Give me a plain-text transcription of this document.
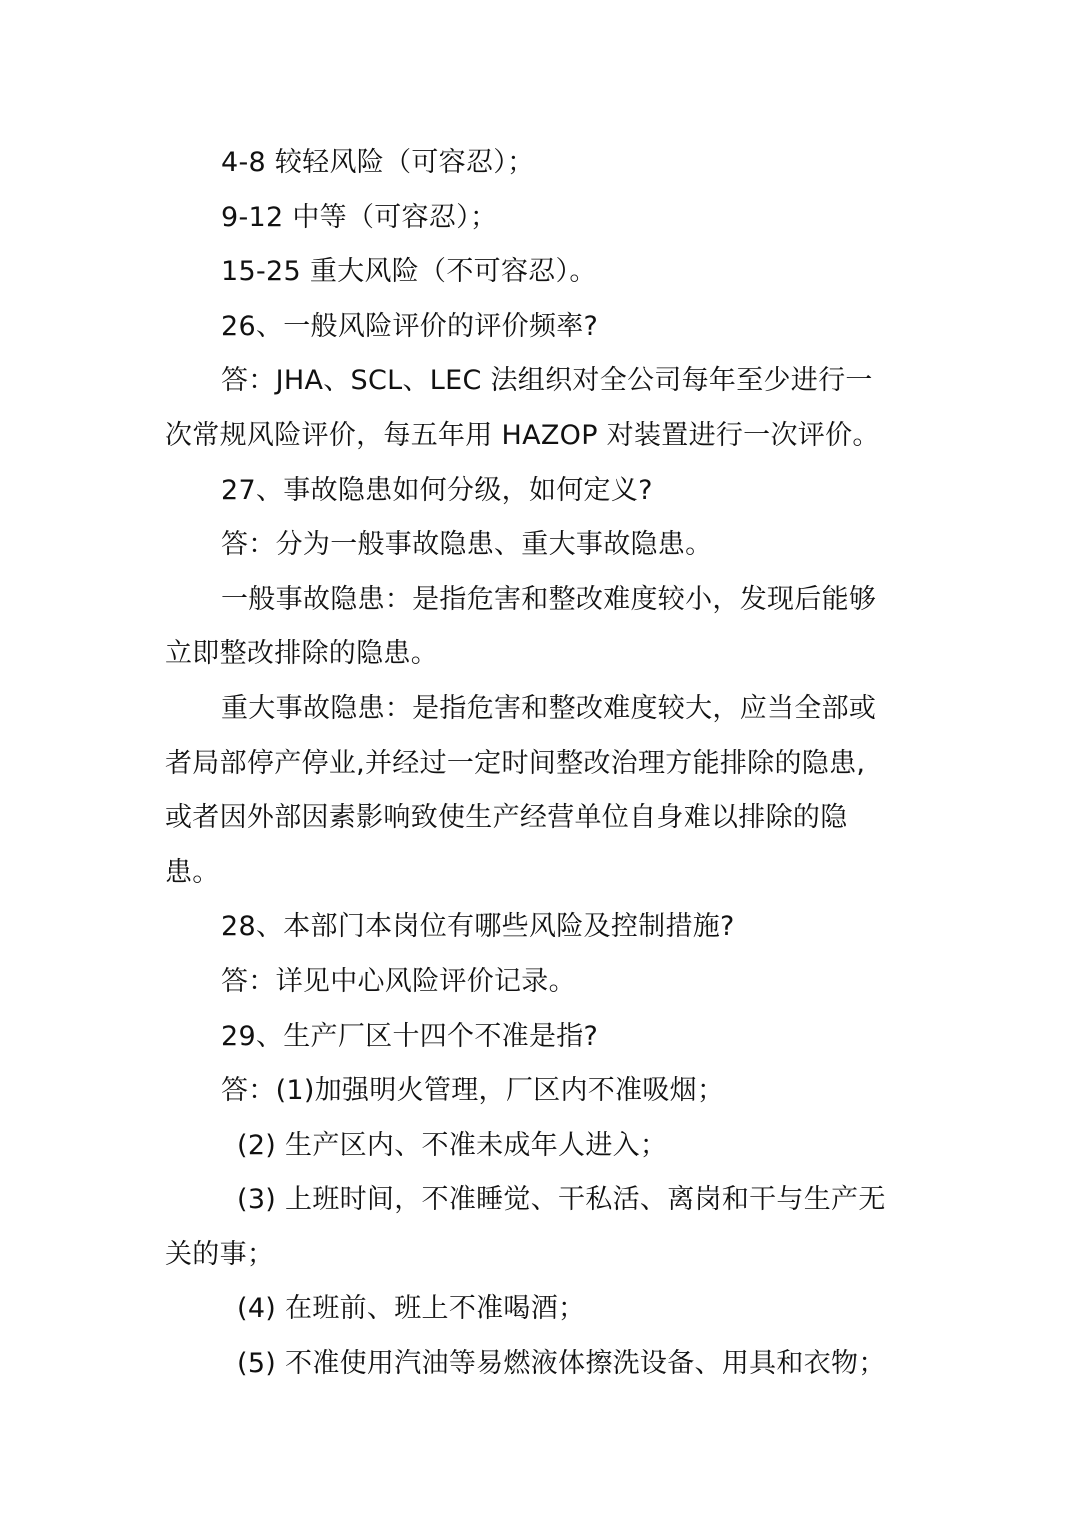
4-8 较轻风险（可容忍）；
9-12 中等（可容忍）；
15-25 重大风险（不可容忍）。
26、一般风险评价的评价频率?
答：JHA、SCL、LEC 法组织对全公司每年至少进行一
次常规风险评价，每五年用 HAZOP 对装置进行一次评价。
27、事故隐患如何分级，如何定义?
答：分为一般事故隐患、重大事故隐患。
一般事故隐患：是指危害和整改难度较小，发现后能够
立即整改排除的隐患。
重大事故隐患：是指危害和整改难度较大，应当全部或
者局部停产停业,并经过一定时间整改治理方能排除的隐患,
或者因外部因素影响致使生产经营单位自身难以排除的隐
患。
28、本部门本岗位有哪些风险及控制措施?
答：详见中心风险评价记录。
29、生产厂区十四个不准是指?
答：(1)加强明火管理，厂区内不准吸烟；
(2) 生产区内、不准未成年人进入；
(3) 上班时间，不准睡觉、干私活、离岗和干与生产无
关的事；
(4) 在班前、班上不准喝酒；
(5) 不准使用汽油等易燃液体擦洗设备、用具和衣物；
